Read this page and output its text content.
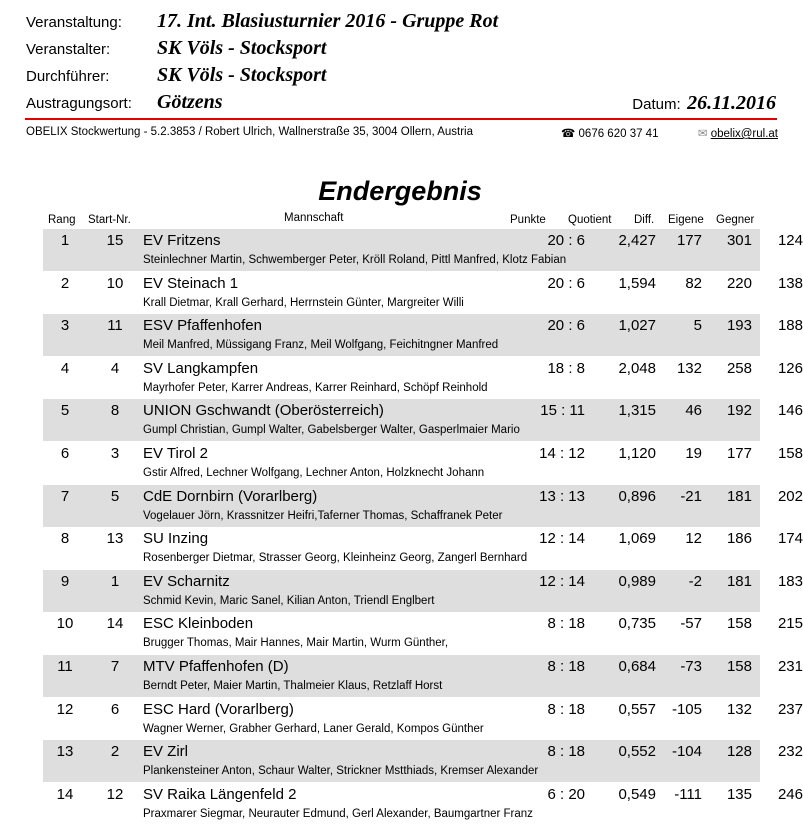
Veranstaltung:	17. Int. Blasiusturnier 2016 - Gruppe Rot
Veranstalter:	SK Völs - Stocksport
Durchführer:	SK Völs - Stocksport
Austragungsort:	Götzens	Datum: 26.11.2016
OBELIX Stockwertung - 5.2.3853 / Robert Ulrich, Wallnerstraße 35, 3004 Ollern, Austria	☎ 0676 620 37 41	✉ obelix@rul.at
Endergebnis
Rang Start-Nr.	Mannschaft	Punkte Quotient Diff. Eigene Gegner
1	15 EV Fritzens	20 : 6 2,427 177 301 124
Steinlechner Martin, Schwemberger Peter, Kröll Roland, Pittl Manfred, Klotz Fabian
2	10 EV Steinach 1	20 : 6 1,594 82 220 138
Krall Dietmar, Krall Gerhard, Herrnstein Günter, Margreiter Willi
3	11 ESV Pfaffenhofen	20 : 6 1,027	5 193 188
Meil Manfred, Müssigang Franz, Meil Wolfgang, Feichitngner Manfred
4	4	SV Langkampfen	18 : 8 2,048 132 258 126
Mayrhofer Peter, Karrer Andreas, Karrer Reinhard, Schöpf Reinhold
5	8	UNION Gschwandt (Oberösterreich)	15 : 11 1,315 46 192 146
Gumpl Christian, Gumpl Walter, Gabelsberger Walter, Gasperlmaier Mario
6	3	EV Tirol 2	14 : 12 1,120 19 177 158
Gstir Alfred, Lechner Wolfgang, Lechner Anton, Holzknecht Johann
7	5	CdE Dornbirn (Vorarlberg)	13 : 13 0,896 -21 181 202
Vogelauer Jörn, Krassnitzer Heifri,Taferner Thomas, Schaffranek Peter
8	13 SU Inzing	12 : 14 1,069 12 186 174
Rosenberger Dietmar, Strasser Georg, Kleinheinz Georg, Zangerl Bernhard
9	1	EV Scharnitz	12 : 14 0,989 -2 181 183
Schmid Kevin, Maric Sanel, Kilian Anton, Triendl Englbert
10 14 ESC Kleinboden	8 : 18 0,735 -57 158 215
Brugger Thomas, Mair Hannes, Mair Martin, Wurm Günther,
11	7	MTV Pfaffenhofen (D)	8 : 18 0,684 -73 158 231
Berndt Peter, Maier Martin, Thalmeier Klaus, Retzlaff Horst
12	6	ESC Hard (Vorarlberg)	8 : 18 0,557 -105 132 237
Wagner Werner, Grabher Gerhard, Laner Gerald, Kompos Günther
13	2	EV Zirl	8 : 18 0,552 -104 128 232
Plankensteiner Anton, Schaur Walter, Strickner Mstthiads, Kremser Alexander
14 12 SV Raika Längenfeld 2	6 : 20 0,549 -111 135 246
Praxmarer Siegmar, Neurauter Edmund, Gerl Alexander, Baumgartner Franz
